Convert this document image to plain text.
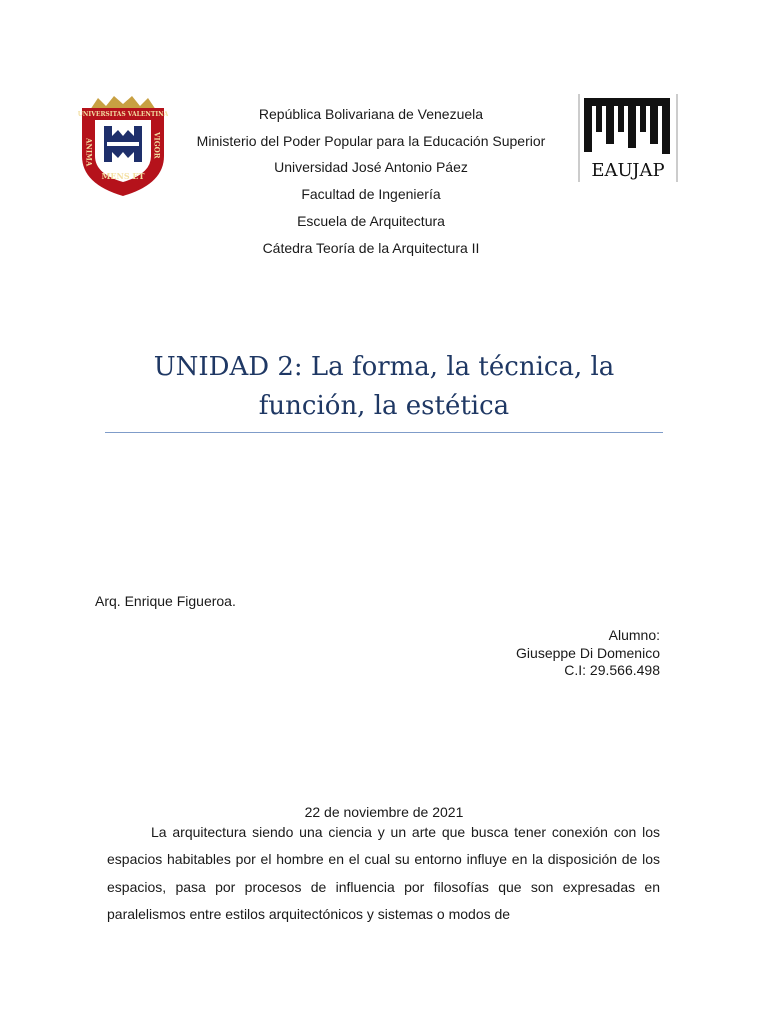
UNIVERSITAS VALENTINA
ANIMA	VIGOR
MENS ET
República Bolivariana de Venezuela
Ministerio del Poder Popular para la Educación Superior
Universidad José Antonio Páez
Facultad de Ingeniería
Escuela de Arquitectura
Cátedra Teoría de la Arquitectura II
EAUJAP
UNIDAD 2: La forma, la técnica, la
función, la estética
Arq. Enrique Figueroa.
Alumno:
Giuseppe Di Domenico
C.I: 29.566.498
22 de noviembre de 2021
La arquitectura siendo una ciencia y un arte que busca tener conexión con los espacios habitables por el hombre en el cual su entorno influye en la disposición de los espacios, pasa por procesos de influencia por filosofías que son expresadas en paralelismos entre estilos arquitectónicos y sistemas o modos de
